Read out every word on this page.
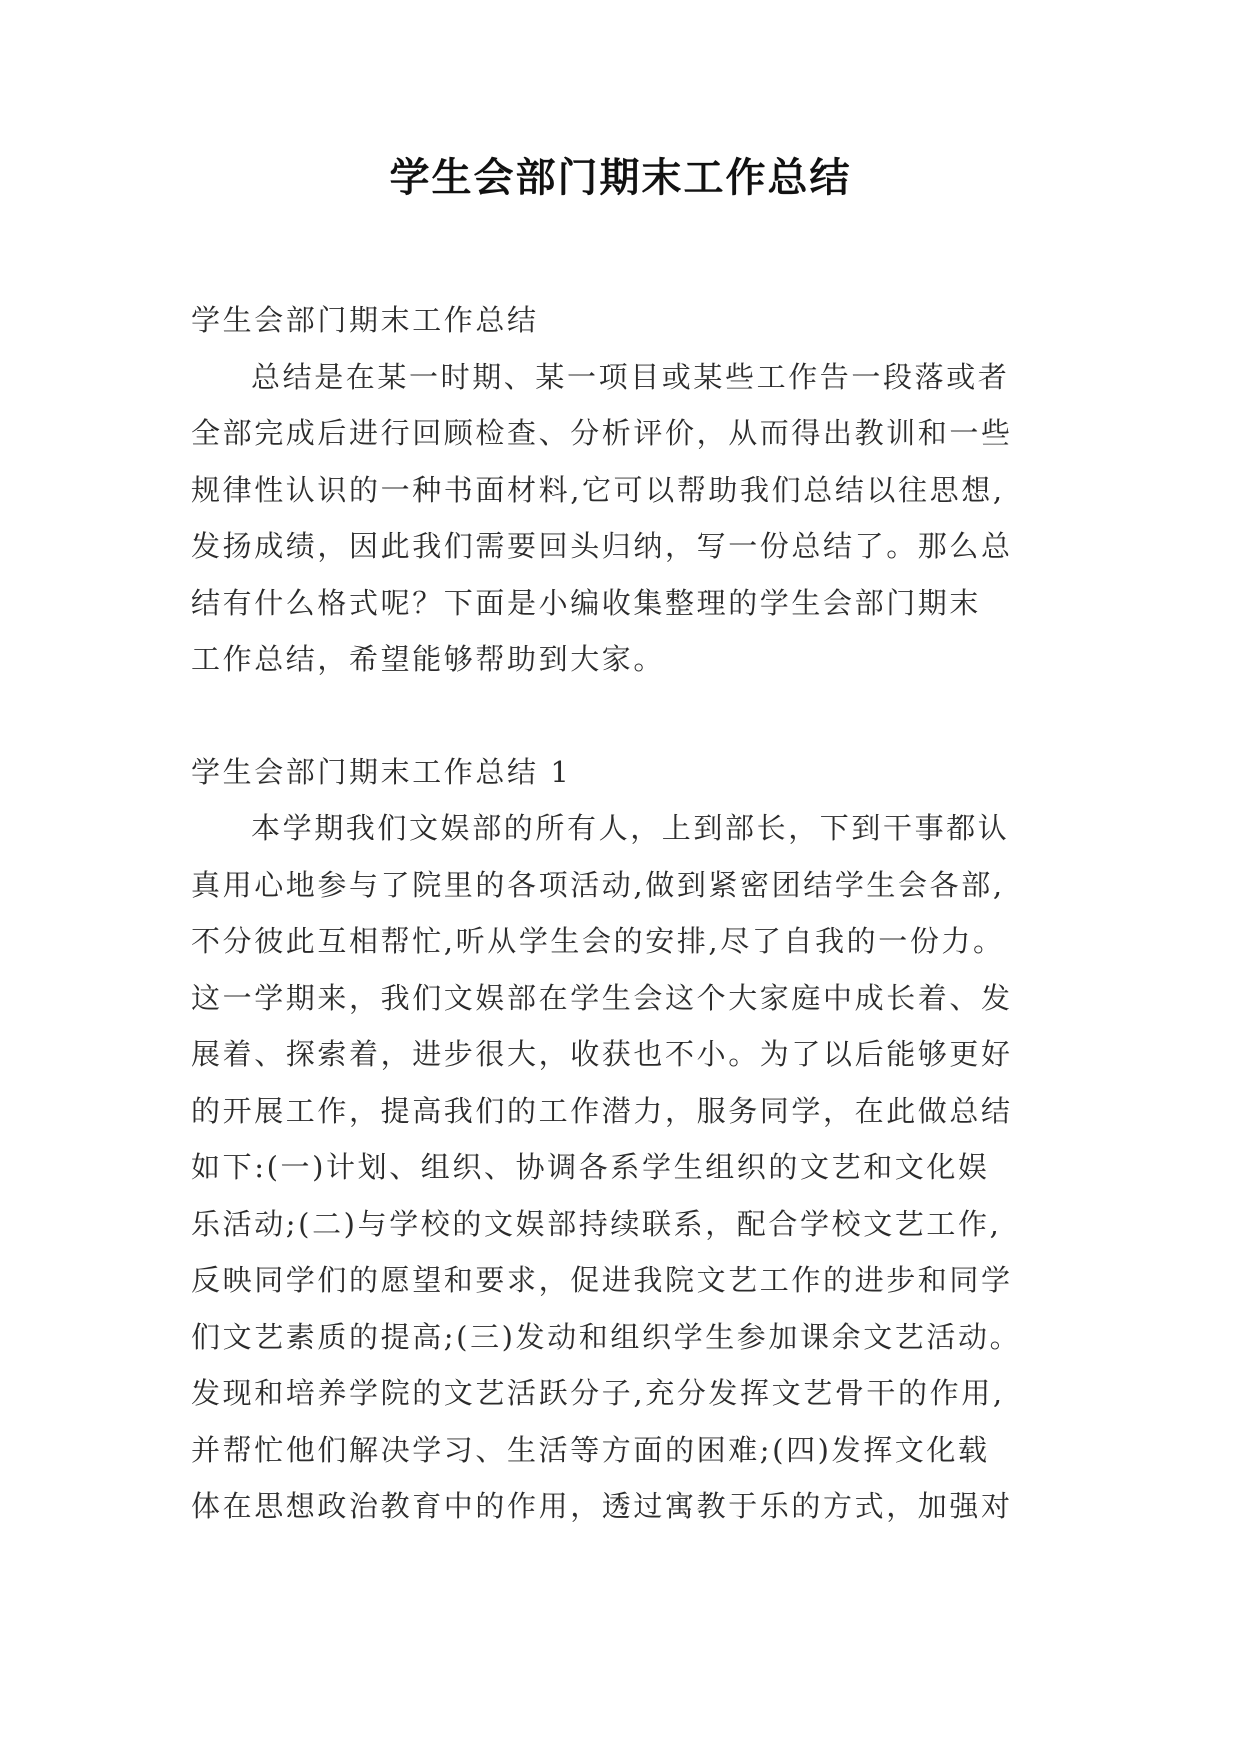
学生会部门期末工作总结
学生会部门期末工作总结
总结是在某一时期、某一项目或某些工作告一段落或者
全部完成后进行回顾检查、分析评价，从而得出教训和一些
规律性认识的一种书面材料,它可以帮助我们总结以往思想,
发扬成绩，因此我们需要回头归纳，写一份总结了。那么总
结有什么格式呢？下面是小编收集整理的学生会部门期末
工作总结，希望能够帮助到大家。
学生会部门期末工作总结 1
本学期我们文娱部的所有人，上到部长，下到干事都认
真用心地参与了院里的各项活动,做到紧密团结学生会各部,
不分彼此互相帮忙,听从学生会的安排,尽了自我的一份力。
这一学期来，我们文娱部在学生会这个大家庭中成长着、发
展着、探索着，进步很大，收获也不小。为了以后能够更好
的开展工作，提高我们的工作潜力，服务同学，在此做总结
如下:(一)计划、组织、协调各系学生组织的文艺和文化娱
乐活动;(二)与学校的文娱部持续联系，配合学校文艺工作,
反映同学们的愿望和要求，促进我院文艺工作的进步和同学
们文艺素质的提高;(三)发动和组织学生参加课余文艺活动。
发现和培养学院的文艺活跃分子,充分发挥文艺骨干的作用,
并帮忙他们解决学习、生活等方面的困难;(四)发挥文化载
体在思想政治教育中的作用，透过寓教于乐的方式，加强对
